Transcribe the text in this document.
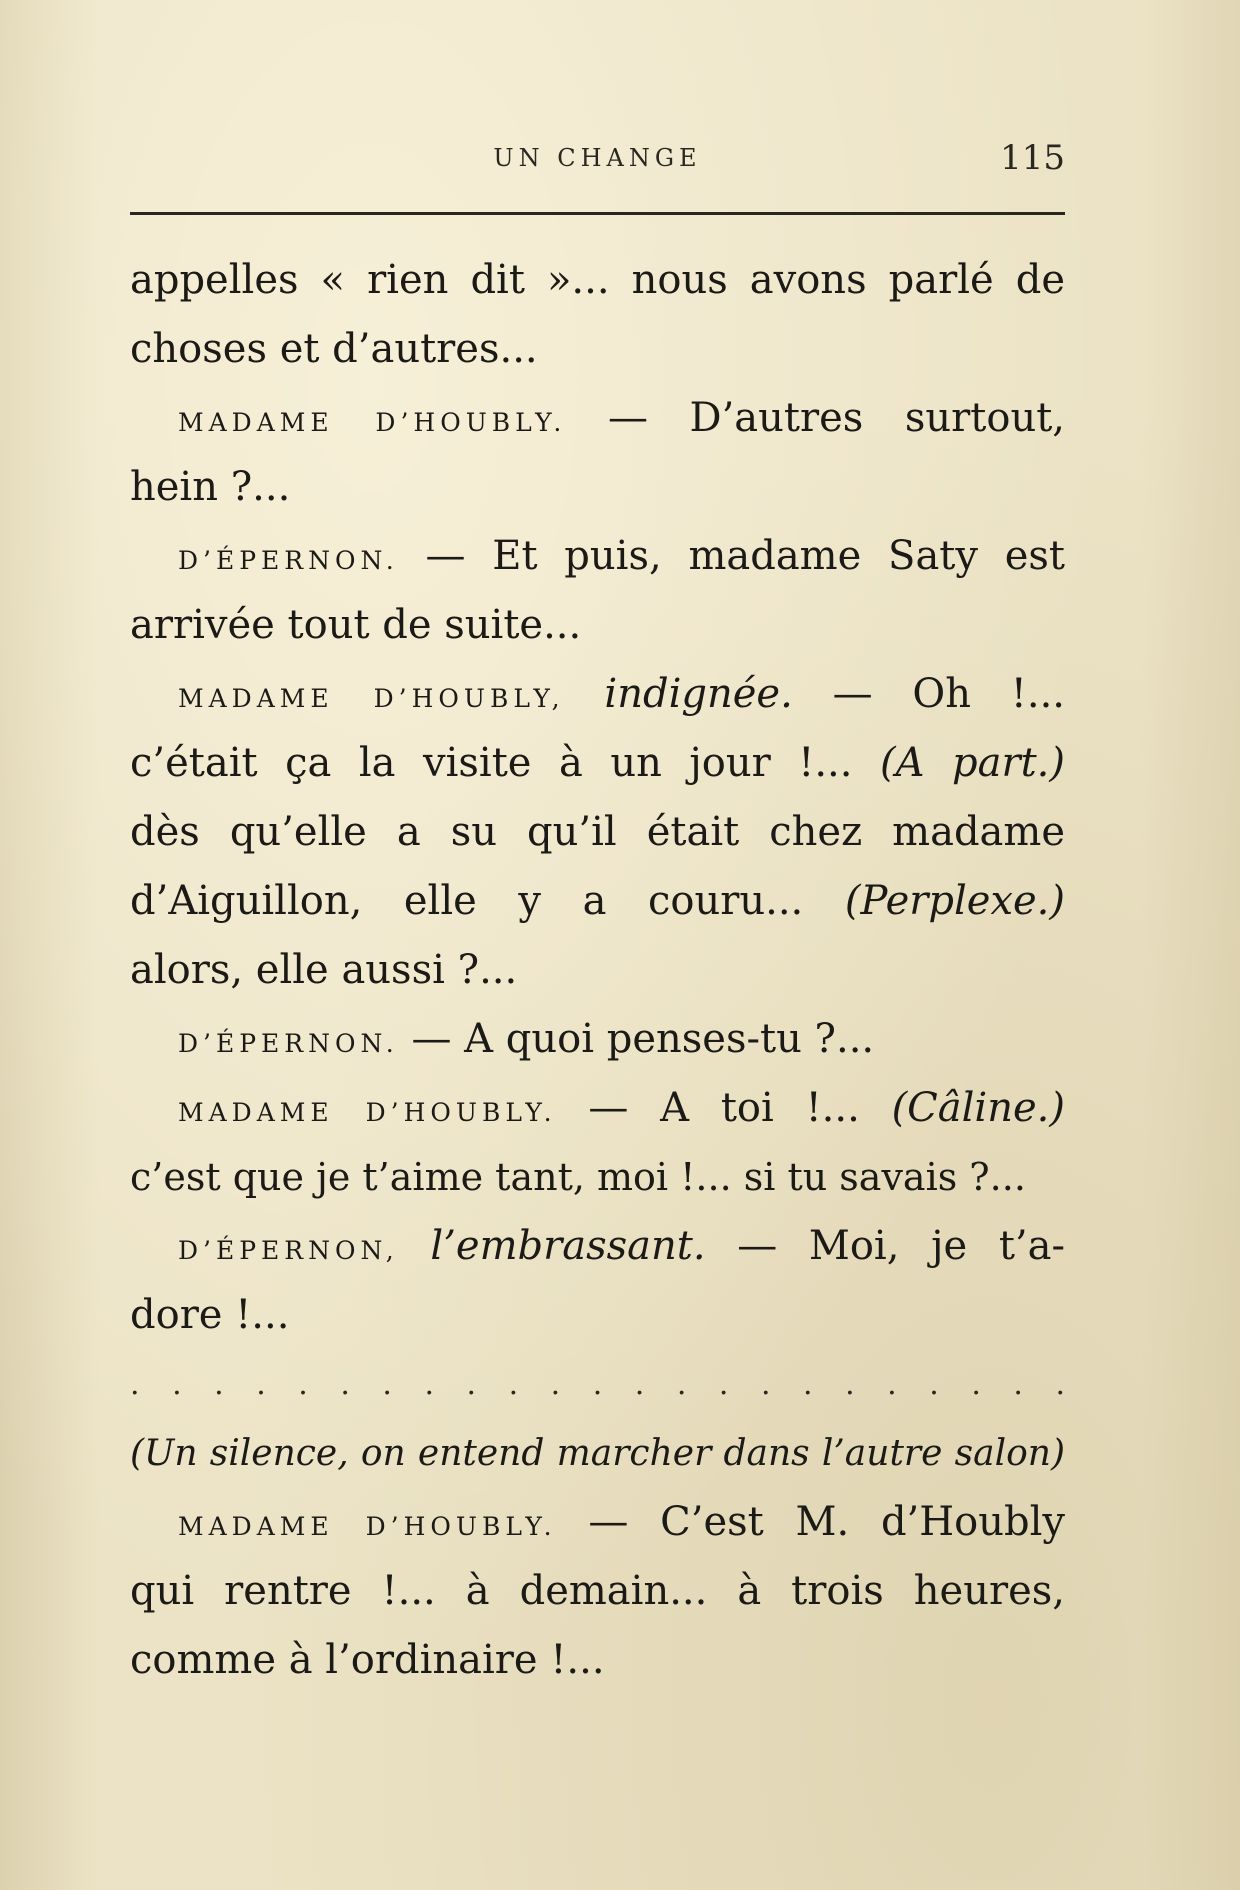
UN CHANGE	115
appelles « rien dit »... nous avons parlé de
choses et d’autres...
MADAME D’HOUBLY. — D’autres surtout,
hein ?...
D’ÉPERNON. — Et puis, madame Saty est
arrivée tout de suite...
MADAME D’HOUBLY, indignée. — Oh !...
c’était ça la visite à un jour !... (A part.)
dès qu’elle a su qu’il était chez madame
d’Aiguillon, elle y a couru... (Perplexe.)
alors, elle aussi ?...
D’ÉPERNON. — A quoi penses-tu ?...
MADAME D’HOUBLY. — A toi !... (Câline.)
c’est que je t’aime tant, moi !... si tu savais ?...
D’ÉPERNON, l’embrassant. — Moi, je t’a-
dore !...
. . . . . . . . . . . . . . . . . . . . . . .
(Un silence, on entend marcher dans l’autre salon)
MADAME D’HOUBLY. — C’est M. d’Houbly
qui rentre !... à demain... à trois heures,
comme à l’ordinaire !...
